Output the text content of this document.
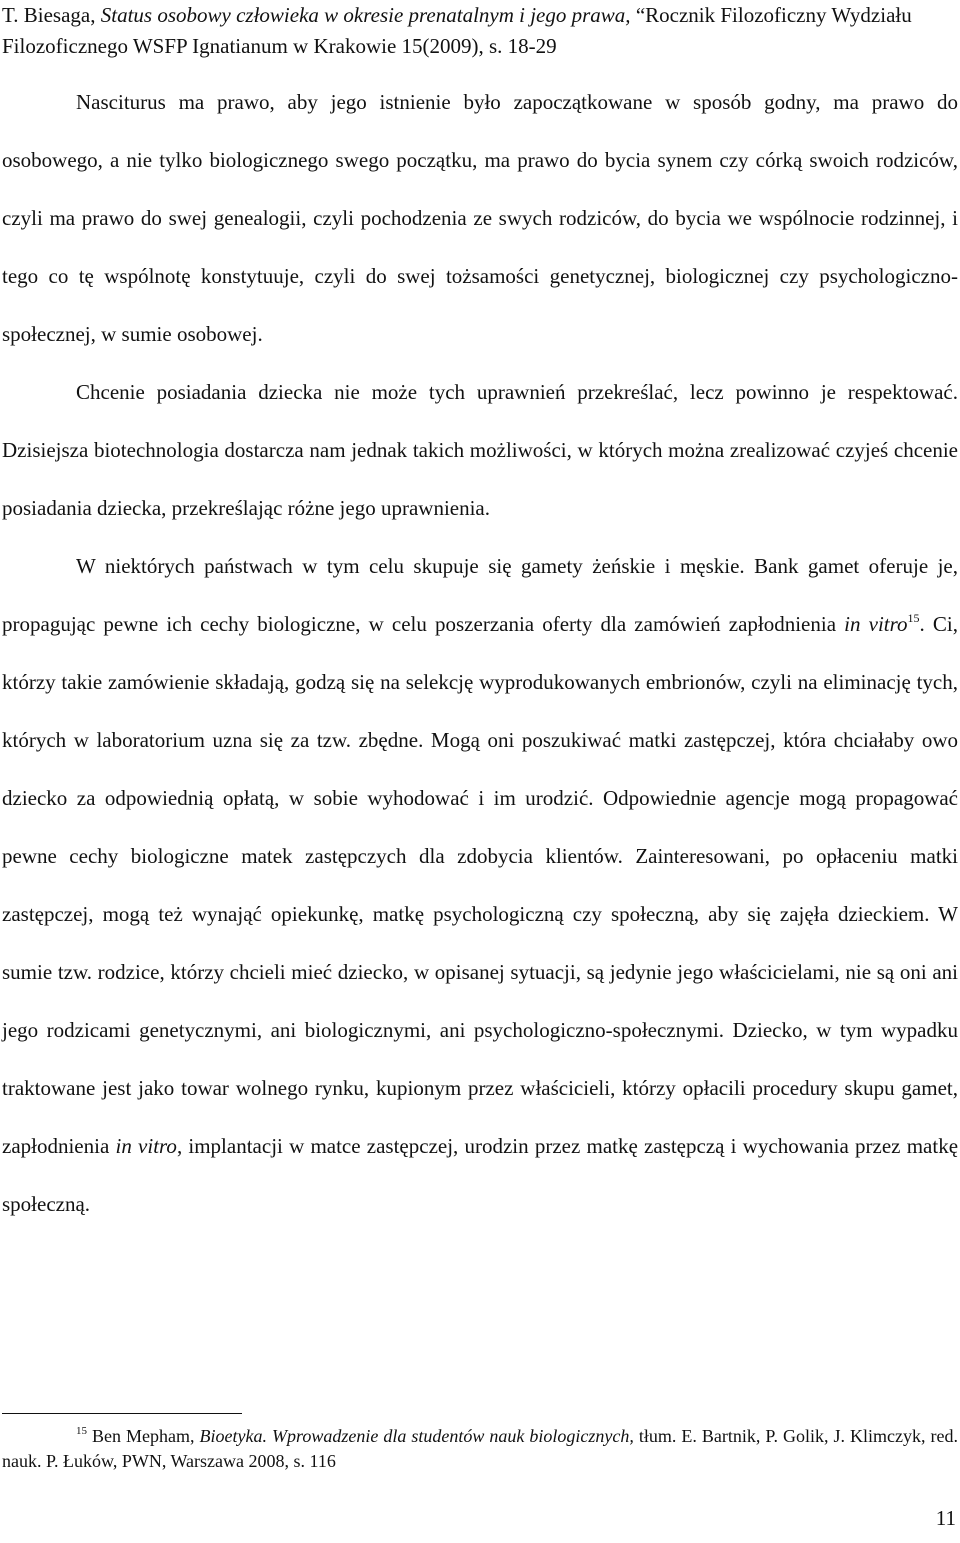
T. Biesaga, Status osobowy człowieka w okresie prenatalnym i jego prawa, “Rocznik Filozoficzny Wydziału Filozoficznego WSFP Ignatianum w Krakowie 15(2009), s. 18-29

Nasciturus ma prawo, aby jego istnienie było zapoczątkowane w sposób godny, ma prawo do osobowego, a nie tylko biologicznego swego początku, ma prawo do bycia synem czy córką swoich rodziców, czyli ma prawo do swej genealogii, czyli pochodzenia ze swych rodziców, do bycia we wspólnocie rodzinnej, i tego co tę wspólnotę konstytuuje, czyli do swej tożsamości genetycznej, biologicznej czy psychologiczno-społecznej, w sumie osobowej.

Chcenie posiadania dziecka nie może tych uprawnień przekreślać, lecz powinno je respektować. Dzisiejsza biotechnologia dostarcza nam jednak takich możliwości, w których można zrealizować czyjeś chcenie posiadania dziecka, przekreślając różne jego uprawnienia.

W niektórych państwach w tym celu skupuje się gamety żeńskie i męskie. Bank gamet oferuje je, propagując pewne ich cechy biologiczne, w celu poszerzania oferty dla zamówień zapłodnienia in vitro$^{15}$. Ci, którzy takie zamówienie składają, godzą się na selekcję wyprodukowanych embrionów, czyli na eliminację tych, których w laboratorium uzna się za tzw. zbędne. Mogą oni poszukiwać matki zastępczej, która chciałaby owo dziecko za odpowiednią opłatą, w sobie wyhodować i im urodzić. Odpowiednie agencje mogą propagować pewne cechy biologiczne matek zastępczych dla zdobycia klientów. Zainteresowani, po opłaceniu matki zastępczej, mogą też wynająć opiekunkę, matkę psychologiczną czy społeczną, aby się zajęła dzieckiem. W sumie tzw. rodzice, którzy chcieli mieć dziecko, w opisanej sytuacji, są jedynie jego właścicielami, nie są oni ani jego rodzicami genetycznymi, ani biologicznymi, ani psychologiczno-społecznymi. Dziecko, w tym wypadku traktowane jest jako towar wolnego rynku, kupionym przez właścicieli, którzy opłacili procedury skupu gamet, zapłodnienia in vitro, implantacji w matce zastępczej, urodzin przez matkę zastępczą i wychowania przez matkę społeczną.

$^{15}$ Ben Mepham, Bioetyka. Wprowadzenie dla studentów nauk biologicznych, tłum. E. Bartnik, P. Golik, J. Klimczyk, red. nauk. P. Łuków, PWN, Warszawa 2008, s. 116
11
